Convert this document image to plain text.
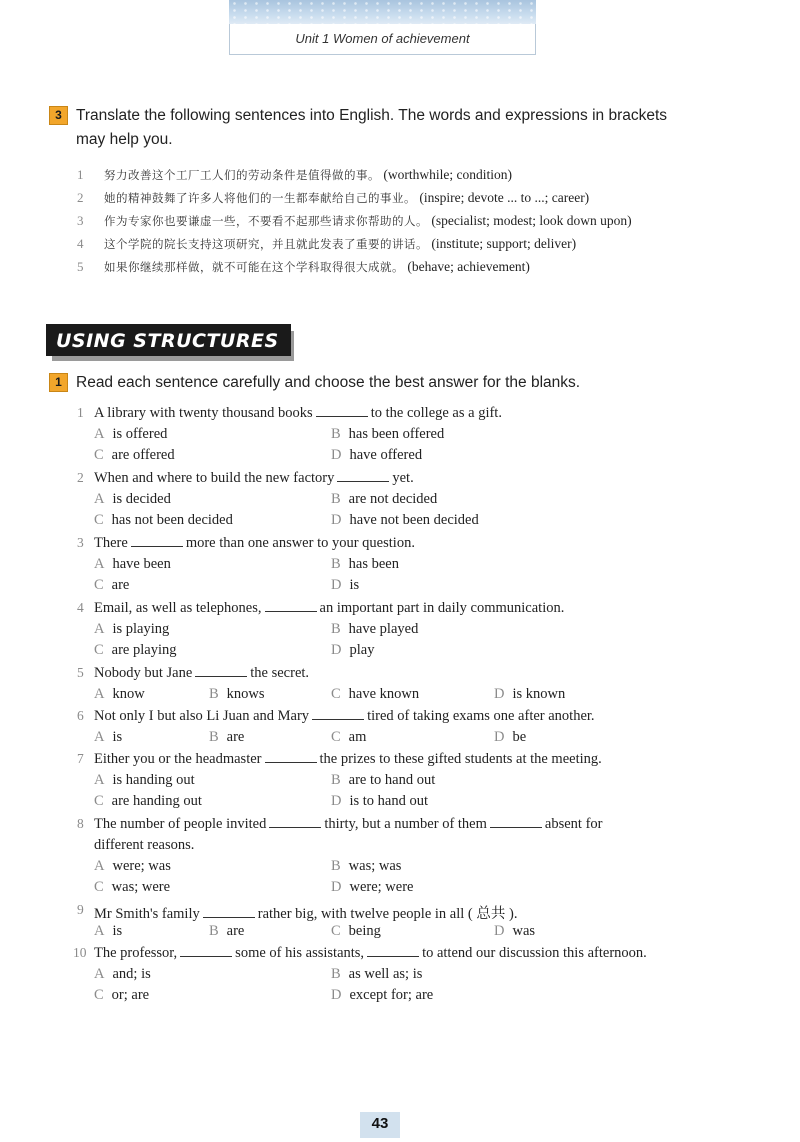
Unit 1 Women of achievement
3 Translate the following sentences into English. The words and expressions in brackets
may help you.
1 努力改善这个工厂工人们的劳动条件是值得做的事。 (worthwhile; condition)
2 她的精神鼓舞了许多人将他们的一生都奉献给自己的事业。 (inspire; devote ... to ...; career)
3 作为专家你也要谦虚一些，不要看不起那些请求你帮助的人。 (specialist; modest; look down upon)
4 这个学院的院长支持这项研究，并且就此发表了重要的讲话。 (institute; support; deliver)
5 如果你继续那样做，就不可能在这个学科取得很大成就。 (behave; achievement)
USING STRUCTURES
1 Read each sentence carefully and choose the best answer for the blanks.
1 A library with twenty thousand books	to the college as a gift.
A is offered	B has been offered
C are offered	D have offered
2 When and where to build the new factory	yet.
A is decided	B are not decided
C has not been decided	D have not been decided
3 There	more than one answer to your question.
A have been	B has been
C are	D is
4 Email, as well as telephones,	an important part in daily communication.
A is playing	B have played
C are playing	D play
5 Nobody but Jane	the secret.
A know	B knows	C have known	D is known
6 Not only I but also Li Juan and Mary	tired of taking exams one after another.
A is	B are	C am	D be
7 Either you or the headmaster	the prizes to these gifted students at the meeting.
A is handing out	B are to hand out
C are handing out	D is to hand out
8 The number of people invited	thirty, but a number of them	absent for
different reasons.
A were; was	B was; was
C was; were	D were; were
9 Mr Smith's family	rather big, with twelve people in all ( 总共 ).
A is	B are	C being	D was
10 The professor,	some of his assistants,	to attend our discussion this afternoon.
A and; is	B as well as; is
C or; are	D except for; are
43
